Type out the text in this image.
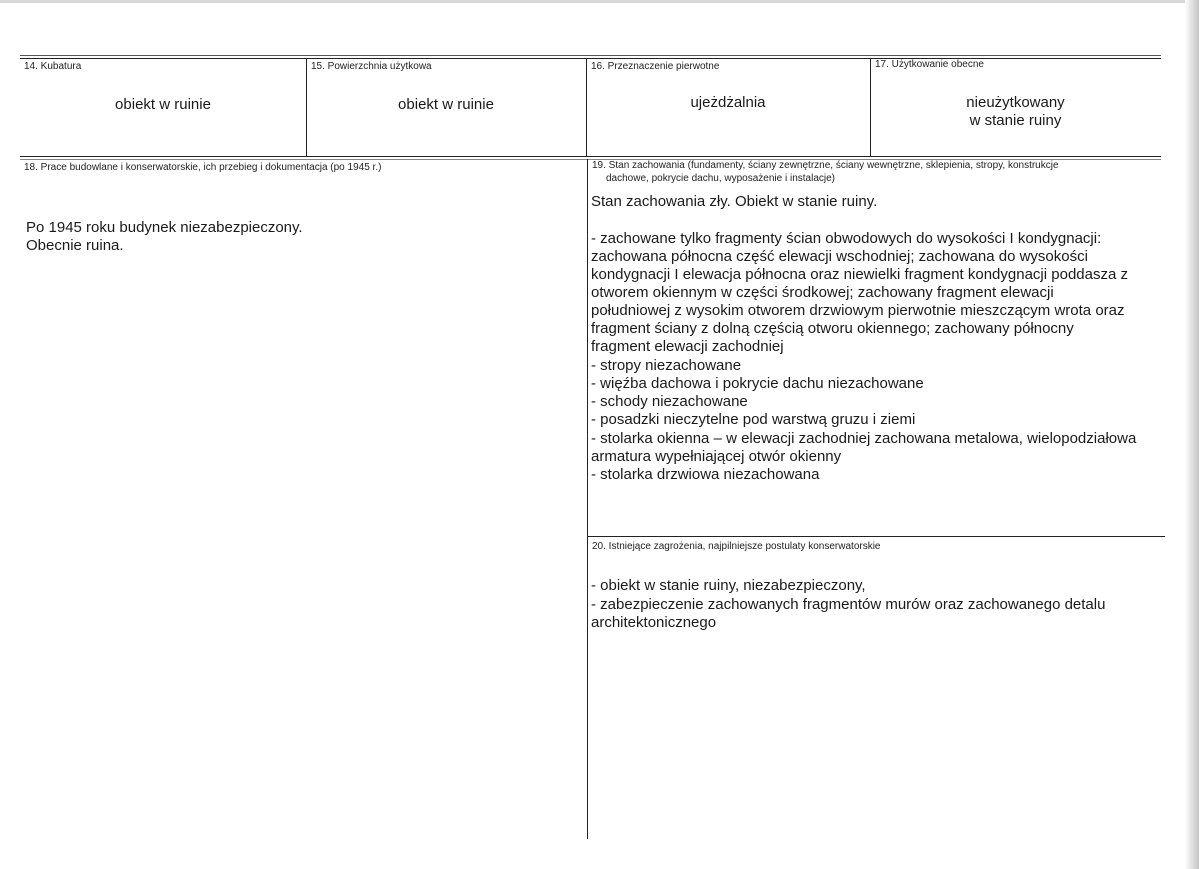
14. Kubatura
obiekt w ruinie
15. Powierzchnia użytkowa
obiekt w ruinie
16. Przeznaczenie pierwotne
ujeżdżalnia
17. Użytkowanie obecne
nieużytkowany
w stanie ruiny
18. Prace budowlane i konserwatorskie, ich przebieg i dokumentacja (po 1945 r.)
Po 1945 roku budynek niezabezpieczony.
Obecnie ruina.
19. Stan zachowania (fundamenty, ściany zewnętrzne, ściany wewnętrzne, sklepienia, stropy, konstrukcje
dachowe, pokrycie dachu, wyposażenie i instalacje)
Stan zachowania zły. Obiekt w stanie ruiny.
- zachowane tylko fragmenty ścian obwodowych do wysokości I kondygnacji:
zachowana północna część elewacji wschodniej; zachowana do wysokości
kondygnacji I elewacja północna oraz niewielki fragment kondygnacji poddasza z
otworem okiennym w części środkowej; zachowany fragment elewacji
południowej z wysokim otworem drzwiowym pierwotnie mieszczącym wrota oraz
fragment ściany z dolną częścią otworu okiennego; zachowany północny
fragment elewacji zachodniej
- stropy niezachowane
- więźba dachowa i pokrycie dachu niezachowane
- schody niezachowane
- posadzki nieczytelne pod warstwą gruzu i ziemi
- stolarka okienna – w elewacji zachodniej zachowana metalowa, wielopodziałowa
armatura wypełniającej otwór okienny
- stolarka drzwiowa niezachowana
20. Istniejące zagrożenia, najpilniejsze postulaty konserwatorskie
- obiekt w stanie ruiny, niezabezpieczony,
- zabezpieczenie zachowanych fragmentów murów oraz zachowanego detalu
architektonicznego
